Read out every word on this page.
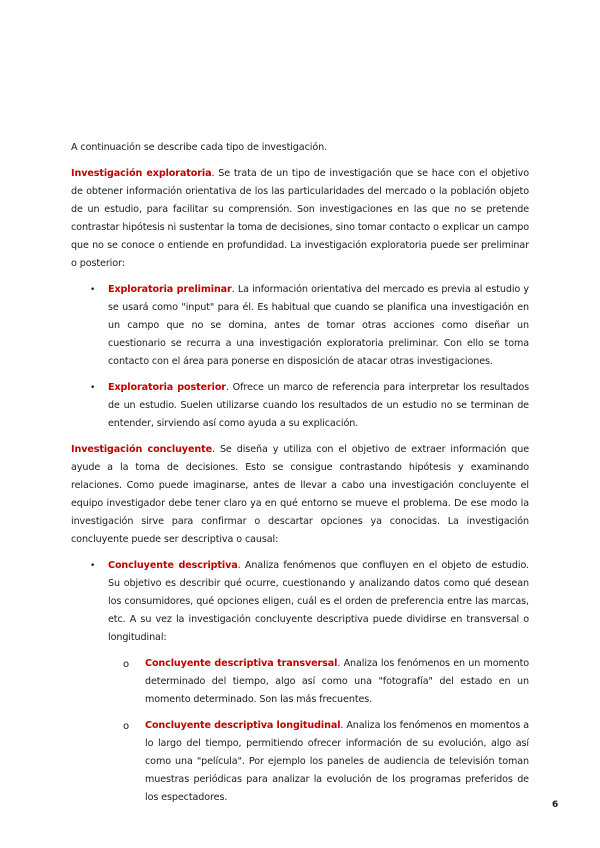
A continuación se describe cada tipo de investigación.

Investigación exploratoria. Se trata de un tipo de investigación que se hace con el objetivo de obtener información orientativa de los las particularidades del mercado o la población objeto de un estudio, para facilitar su comprensión. Son investigaciones en las que no se pretende contrastar hipótesis ni sustentar la toma de decisiones, sino tomar contacto o explicar un campo que no se conoce o entiende en profundidad. La investigación exploratoria puede ser preliminar o posterior:

• Exploratoria preliminar. La información orientativa del mercado es previa al estudio y se usará como "input" para él. Es habitual que cuando se planifica una investigación en un campo que no se domina, antes de tomar otras acciones como diseñar un cuestionario se recurra a una investigación exploratoria preliminar. Con ello se toma contacto con el área para ponerse en disposición de atacar otras investigaciones.

• Exploratoria posterior. Ofrece un marco de referencia para interpretar los resultados de un estudio. Suelen utilizarse cuando los resultados de un estudio no se terminan de entender, sirviendo así como ayuda a su explicación.

Investigación concluyente. Se diseña y utiliza con el objetivo de extraer información que ayude a la toma de decisiones. Esto se consigue contrastando hipótesis y examinando relaciones. Como puede imaginarse, antes de llevar a cabo una investigación concluyente el equipo investigador debe tener claro ya en qué entorno se mueve el problema. De ese modo la investigación sirve para confirmar o descartar opciones ya conocidas. La investigación concluyente puede ser descriptiva o causal:

• Concluyente descriptiva. Analiza fenómenos que confluyen en el objeto de estudio. Su objetivo es describir qué ocurre, cuestionando y analizando datos como qué desean los consumidores, qué opciones eligen, cuál es el orden de preferencia entre las marcas, etc. A su vez la investigación concluyente descriptiva puede dividirse en transversal o longitudinal:

o Concluyente descriptiva transversal. Analiza los fenómenos en un momento determinado del tiempo, algo así como una "fotografía" del estado en un momento determinado. Son las más frecuentes.

o Concluyente descriptiva longitudinal. Analiza los fenómenos en momentos a lo largo del tiempo, permitiendo ofrecer información de su evolución, algo así como una "película". Por ejemplo los paneles de audiencia de televisión toman muestras periódicas para analizar la evolución de los programas preferidos de los espectadores.

6
